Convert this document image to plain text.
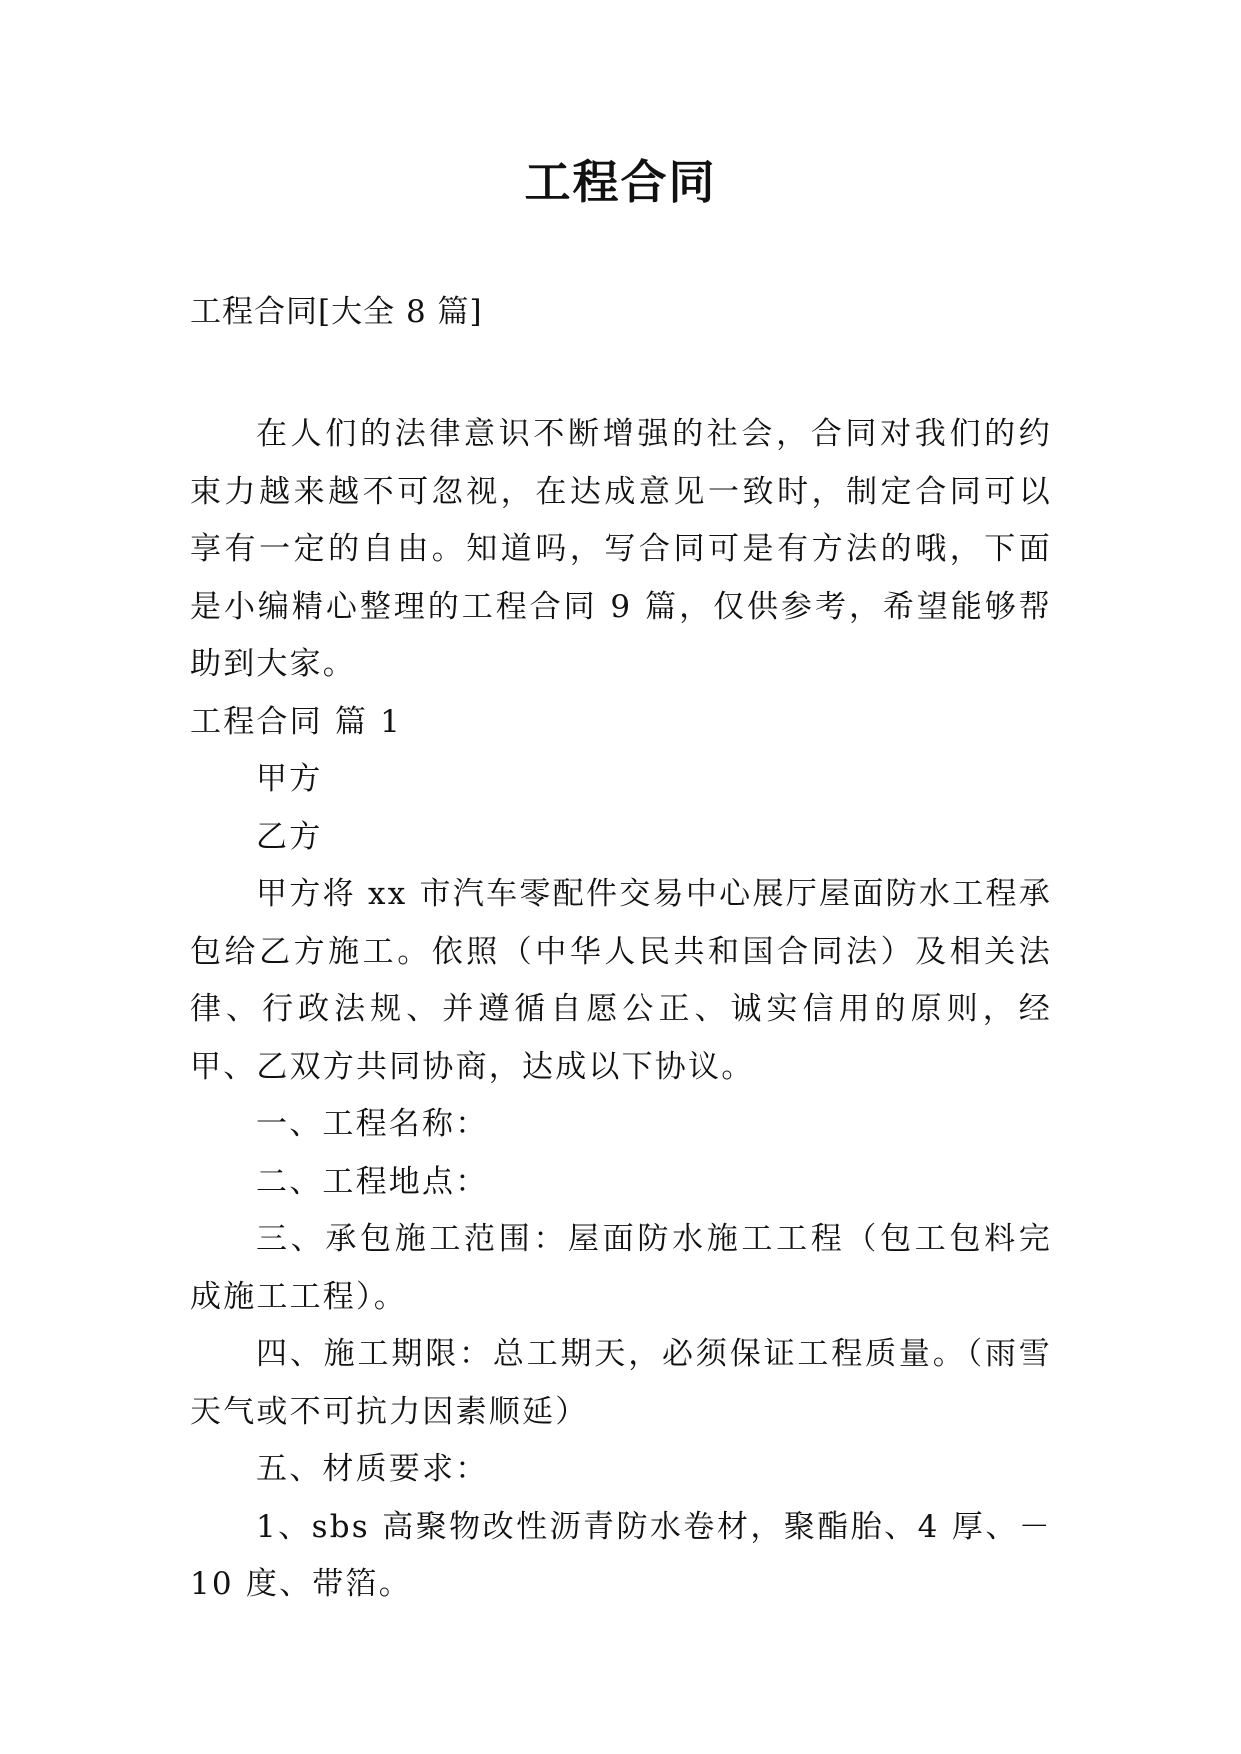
工程合同
工程合同[大全 8 篇]

在人们的法律意识不断增强的社会，合同对我们的约束力越来越不可忽视，在达成意见一致时，制定合同可以享有一定的自由。知道吗，写合同可是有方法的哦，下面是小编精心整理的工程合同 9 篇，仅供参考，希望能够帮助到大家。

工程合同 篇 1

甲方

乙方

甲方将 xx 市汽车零配件交易中心展厅屋面防水工程承包给乙方施工。依照（中华人民共和国合同法）及相关法律、行政法规、并遵循自愿公正、诚实信用的原则，经甲、乙双方共同协商，达成以下协议。

一、工程名称：

二、工程地点：

三、承包施工范围：屋面防水施工工程（包工包料完成施工工程）。

四、施工期限：总工期天，必须保证工程质量。（雨雪天气或不可抗力因素顺延）

五、材质要求：

1、sbs 高聚物改性沥青防水卷材，聚酯胎、4 厚、－10 度、带箔。
